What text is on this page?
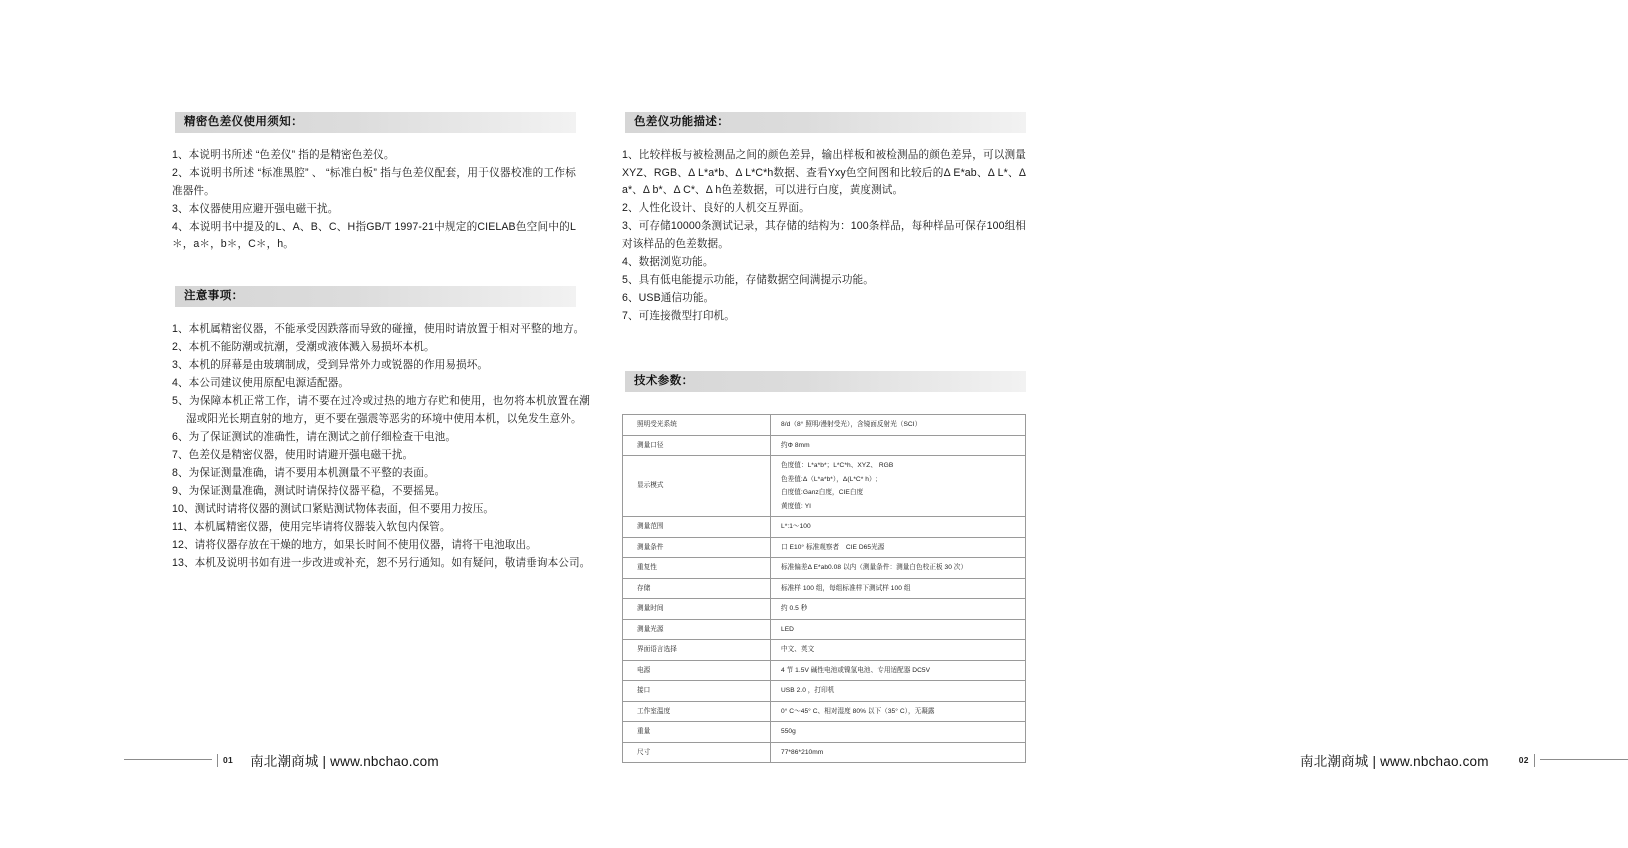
精密色差仪使用须知：
1、本说明书所述 “色差仪” 指的是精密色差仪。
2、本说明书所述 “标准黑腔” 、 “标准白板” 指与色差仪配套，用于仪器校准的工作标准器件。
3、本仪器使用应避开强电磁干扰。
4、本说明书中提及的L、A、B、C、H指GB/T 1997-21中规定的CIELAB色空间中的L＊，a＊，b＊，C＊，h。
注意事项：
1、本机属精密仪器，不能承受因跌落而导致的碰撞，使用时请放置于相对平整的地方。
2、本机不能防潮或抗潮，受潮或液体溅入易损坏本机。
3、本机的屏幕是由玻璃制成，受到异常外力或锐器的作用易损坏。
4、本公司建议使用原配电源适配器。
5、为保障本机正常工作，请不要在过冷或过热的地方存贮和使用，也勿将本机放置在潮湿或阳光长期直射的地方，更不要在强震等恶劣的环境中使用本机，以免发生意外。
6、为了保证测试的准确性，请在测试之前仔细检查干电池。
7、色差仪是精密仪器，使用时请避开强电磁干扰。
8、为保证测量准确，请不要用本机测量不平整的表面。
9、为保证测量准确，测试时请保持仪器平稳，不要摇晃。
10、测试时请将仪器的测试口紧贴测试物体表面，但不要用力按压。
11、本机属精密仪器，使用完毕请将仪器装入软包内保管。
12、请将仪器存放在干燥的地方，如果长时间不使用仪器，请将干电池取出。
13、本机及说明书如有进一步改进或补充，恕不另行通知。如有疑问，敬请垂询本公司。
01 南北潮商城 | www.nbchao.com
色差仪功能描述：
1、比较样板与被检测品之间的颜色差异，输出样板和被检测品的颜色差异，可以测量XYZ、RGB、Δ L*a*b、Δ L*C*h数据、查看Yxy色空间图和比较后的Δ E*ab、Δ L*、Δ a*、Δ b*、Δ C*、Δ h色差数据，可以进行白度，黄度测试。
2、人性化设计、良好的人机交互界面。
3、可存储10000条测试记录，其存储的结构为：100条样品，每种样品可保存100组相对该样品的色差数据。
4、数据浏览功能。
5、具有低电能提示功能，存储数据空间满提示功能。
6、USB通信功能。
7、可连接微型打印机。
技术参数：
照明受光系统	8/d（8° 照明/漫射受光），含镜面反射光（SCI）

测量口径	约Φ 8mm

显示模式	色度值：L*a*b*；L*C*h、XYZ、 RGB
色差值:Δ（L*a*b*），Δ(L*C* h）;
白度值:Ganz白度，CIE白度
黄度值: YI

测量范围	L*:1～100

测量条件	口 E10° 标准观察者　CIE D65光源

重复性	标准偏差Δ E*ab0.08 以内（测量条件：测量白色校正板 30 次）

存储	标准样 100 组，每组标准样下测试样 100 组

测量时间	约 0.5 秒

测量光源	LED

界面语言选择	中文、英文

电源	4 节 1.5V 碱性电池或镍氢电池、专用适配器 DC5V

接口	USB 2.0 ，打印机

工作室温度	0° C～45° C、相对湿度 80% 以下（35° C），无凝露

重量	550g

尺寸	77*86*210mm
南北潮商城 | www.nbchao.com	02
